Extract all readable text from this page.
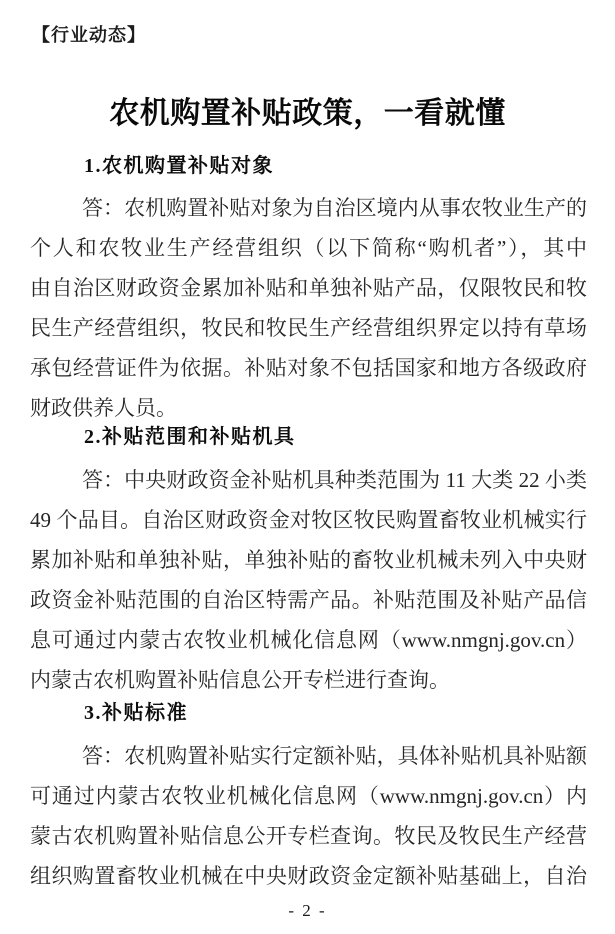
【行业动态】
农机购置补贴政策，一看就懂
1.农机购置补贴对象
答：农机购置补贴对象为自治区境内从事农牧业生产的
个人和农牧业生产经营组织（以下简称“购机者”），其中
由自治区财政资金累加补贴和单独补贴产品，仅限牧民和牧
民生产经营组织，牧民和牧民生产经营组织界定以持有草场
承包经营证件为依据。补贴对象不包括国家和地方各级政府
财政供养人员。
2.补贴范围和补贴机具
答：中央财政资金补贴机具种类范围为 11 大类 22 小类
49 个品目。自治区财政资金对牧区牧民购置畜牧业机械实行
累加补贴和单独补贴，单独补贴的畜牧业机械未列入中央财
政资金补贴范围的自治区特需产品。补贴范围及补贴产品信
息可通过内蒙古农牧业机械化信息网（www.nmgnj.gov.cn）
内蒙古农机购置补贴信息公开专栏进行查询。
3.补贴标准
答：农机购置补贴实行定额补贴，具体补贴机具补贴额
可通过内蒙古农牧业机械化信息网（www.nmgnj.gov.cn）内
蒙古农机购置补贴信息公开专栏查询。牧民及牧民生产经营
组织购置畜牧业机械在中央财政资金定额补贴基础上，自治
- 2 -
